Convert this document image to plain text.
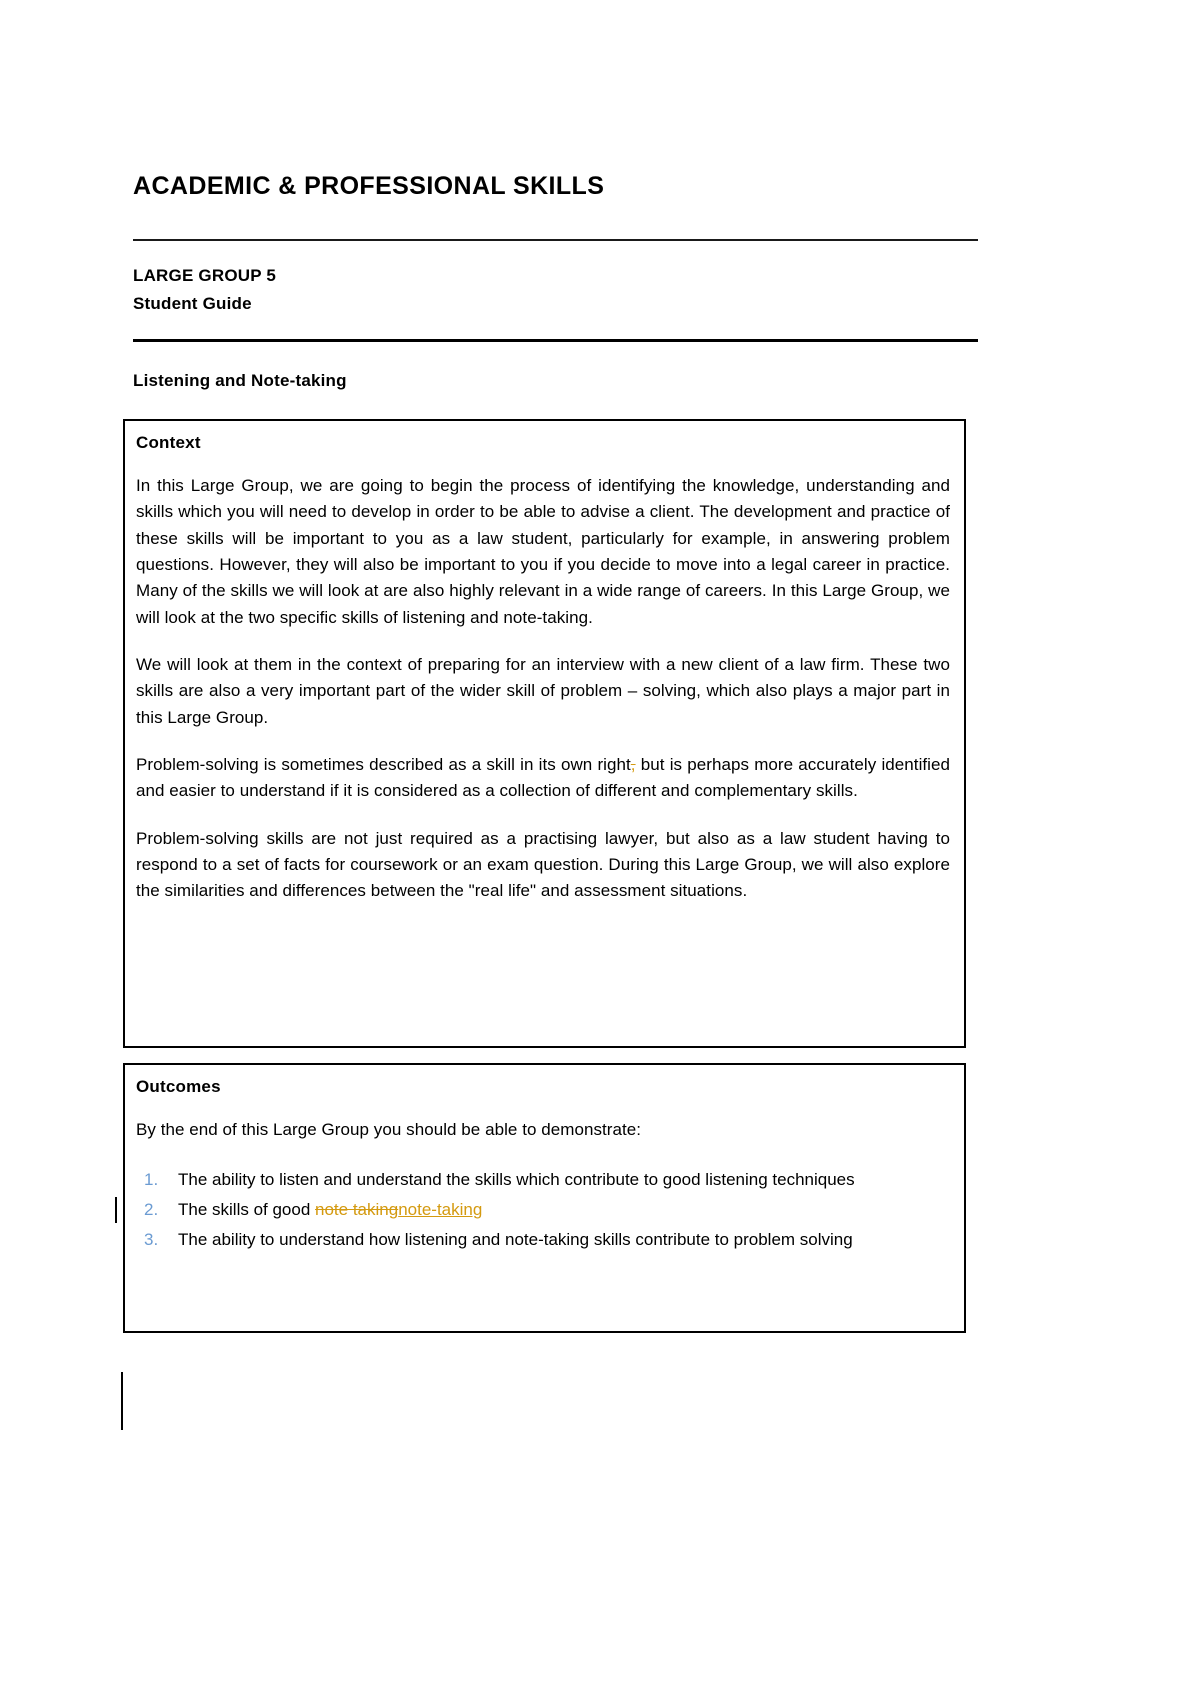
ACADEMIC & PROFESSIONAL SKILLS
LARGE GROUP 5
Student Guide
Listening and Note-taking
Context

In this Large Group, we are going to begin the process of identifying the knowledge, understanding and skills which you will need to develop in order to be able to advise a client. The development and practice of these skills will be important to you as a law student, particularly for example, in answering problem questions. However, they will also be important to you if you decide to move into a legal career in practice. Many of the skills we will look at are also highly relevant in a wide range of careers. In this Large Group, we will look at the two specific skills of listening and note-taking.

We will look at them in the context of preparing for an interview with a new client of a law firm. These two skills are also a very important part of the wider skill of problem – solving, which also plays a major part in this Large Group.

Problem-solving is sometimes described as a skill in its own right, but is perhaps more accurately identified and easier to understand if it is considered as a collection of different and complementary skills.

Problem-solving skills are not just required as a practising lawyer, but also as a law student having to respond to a set of facts for coursework or an exam question. During this Large Group, we will also explore the similarities and differences between the "real life" and assessment situations.

Outcomes

By the end of this Large Group you should be able to demonstrate:

The ability to listen and understand the skills which contribute to good listening techniques
The skills of good note takingnote-taking
The ability to understand how listening and note-taking skills contribute to problem solving
